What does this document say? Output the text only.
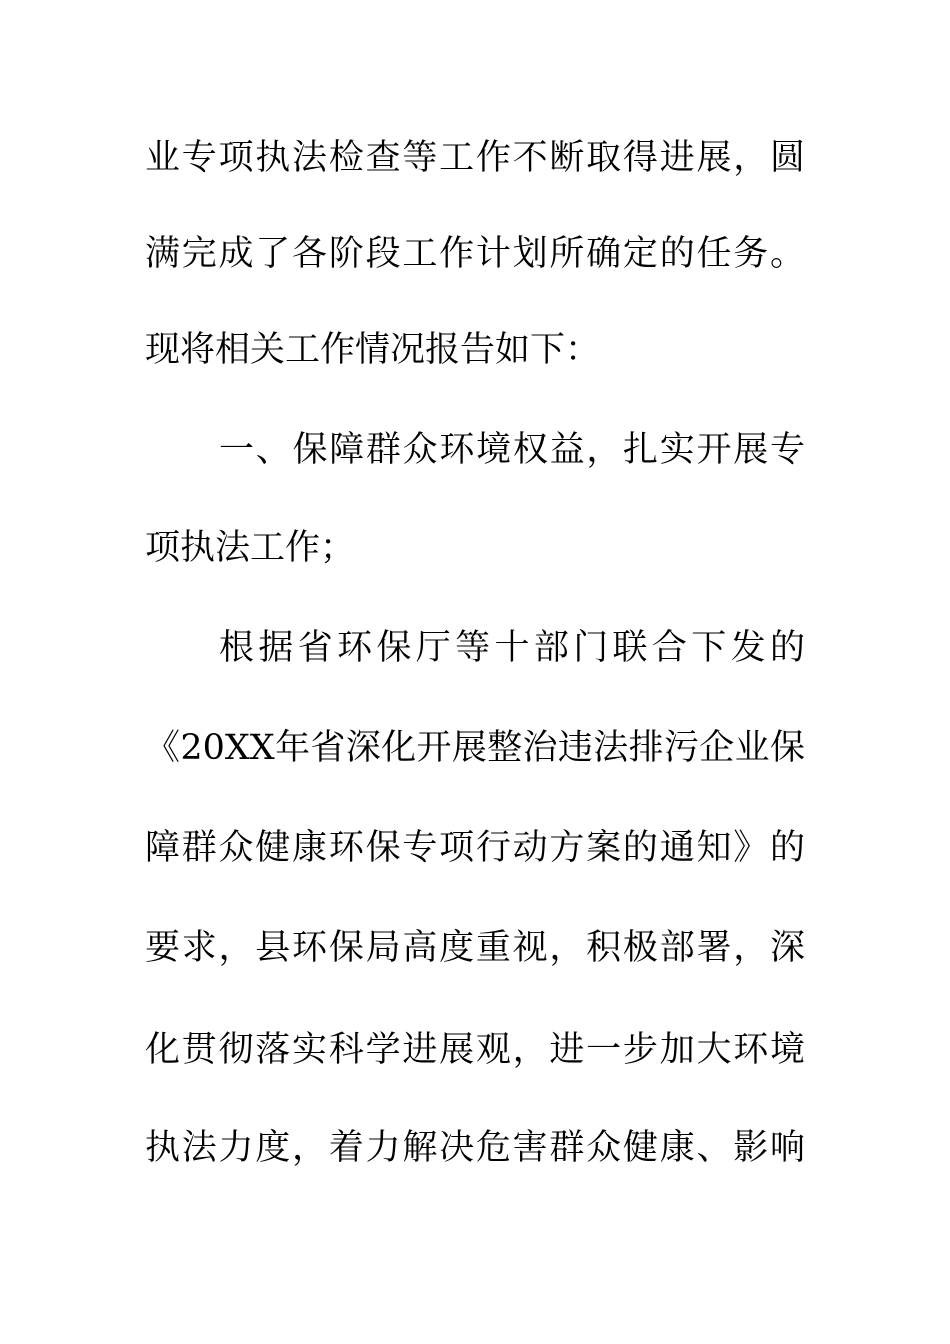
业专项执法检查等工作不断取得进展，圆
满完成了各阶段工作计划所确定的任务。
现将相关工作情况报告如下：
一、保障群众环境权益，扎实开展专
项执法工作；
根据省环保厅等十部门联合下发的
《20XX年省深化开展整治违法排污企业保
障群众健康环保专项行动方案的通知》的
要求，县环保局高度重视，积极部署，深
化贯彻落实科学进展观，进一步加大环境
执法力度，着力解决危害群众健康、影响
